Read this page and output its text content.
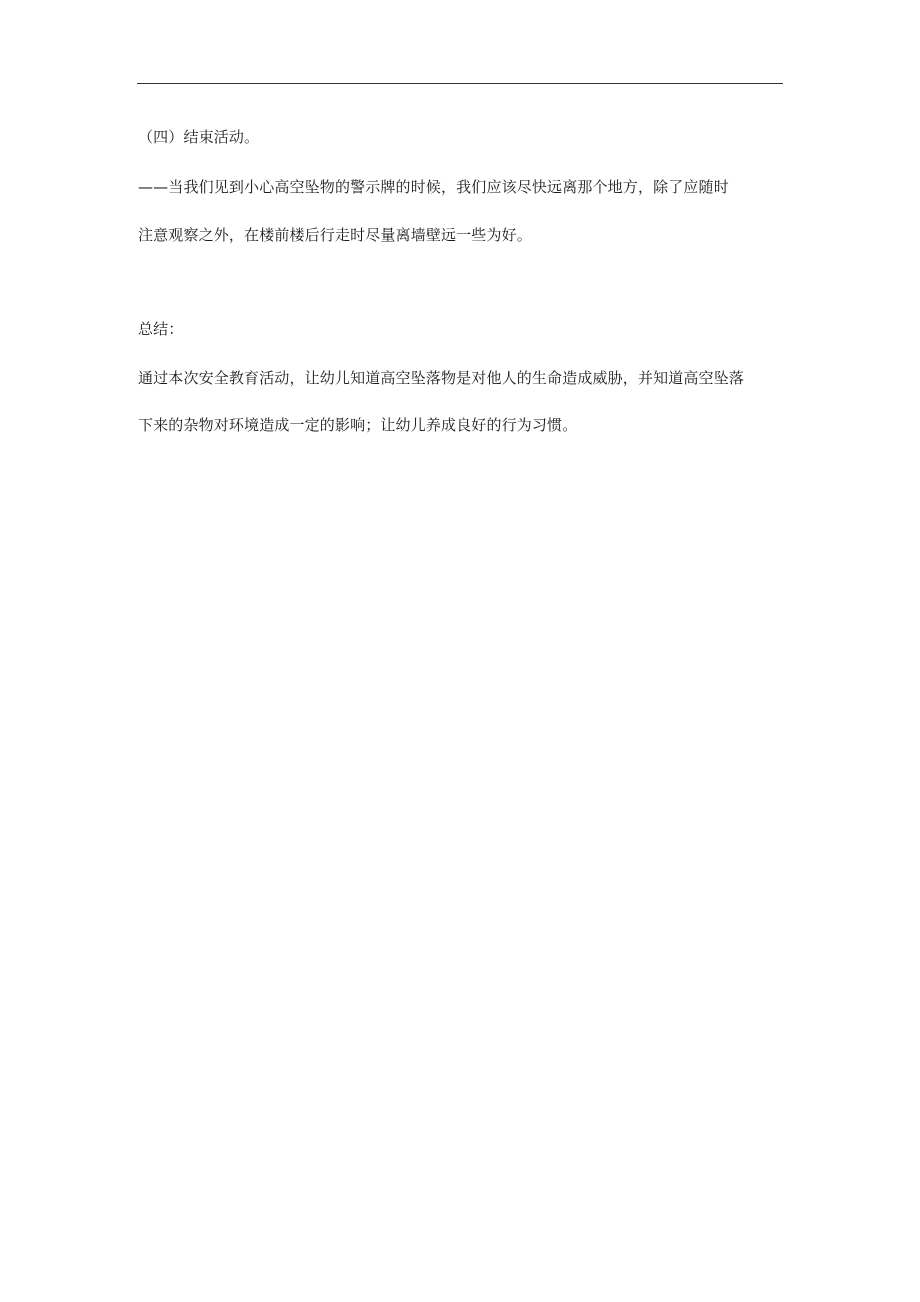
（四）结束活动。
——当我们见到小心高空坠物的警示牌的时候，我们应该尽快远离那个地方，除了应随时
注意观察之外，在楼前楼后行走时尽量离墙壁远一些为好。
总结：
通过本次安全教育活动，让幼儿知道高空坠落物是对他人的生命造成威胁，并知道高空坠落
下来的杂物对环境造成一定的影响；让幼儿养成良好的行为习惯。
